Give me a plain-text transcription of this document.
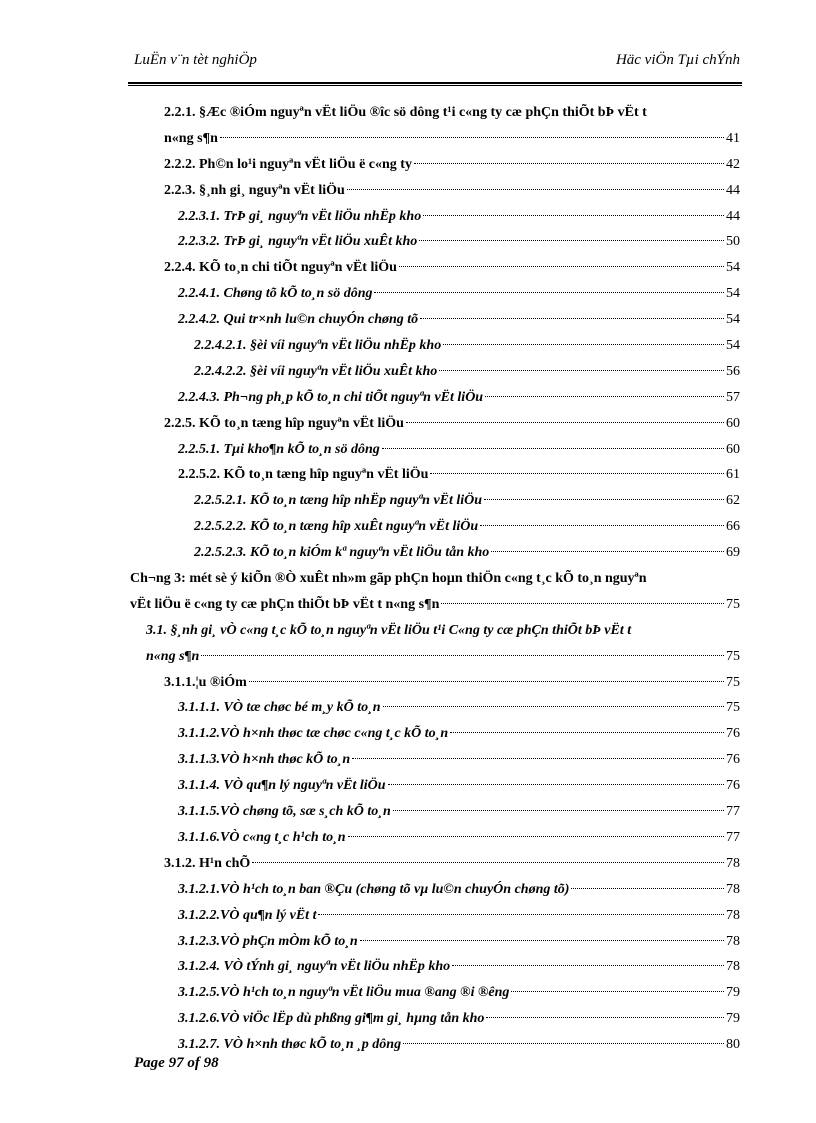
LuËn v¨n tèt nghiÖp	Häc viÖn Tµi chÝnh
2.2.1. §Æc ®iÓm nguyªn vËt liÖu ®îc sö dông t¹i c«ng ty cæ phÇn thiÕt bÞ vËt t
n«ng s¶n	41
2.2.2. Ph©n lo¹i nguyªn vËt liÖu ë c«ng ty	42
2.2.3. §¸nh gi¸ nguyªn vËt liÖu	44
2.2.3.1. TrÞ gi¸ nguyªn vËt liÖu nhËp kho	44
2.2.3.2. TrÞ gi¸ nguyªn vËt liÖu xuÊt kho	50
2.2.4. KÕ to¸n chi tiÕt nguyªn vËt liÖu	54
2.2.4.1. Chøng tõ kÕ to¸n sö dông	54
2.2.4.2. Qui tr×nh lu©n chuyÓn chøng tõ	54
2.2.4.2.1. §èi víi nguyªn vËt liÖu nhËp kho	54
2.2.4.2.2. §èi víi nguyªn vËt liÖu xuÊt kho	56
2.2.4.3. Ph¬ng ph¸p kÕ to¸n chi tiÕt nguyªn vËt liÖu	57
2.2.5. KÕ to¸n tæng hîp nguyªn vËt liÖu	60
2.2.5.1. Tµi kho¶n kÕ to¸n sö dông	60
2.2.5.2. KÕ to¸n tæng hîp nguyªn vËt liÖu	61
2.2.5.2.1. KÕ to¸n tæng hîp nhËp nguyªn vËt liÖu	62
2.2.5.2.2. KÕ to¸n tæng hîp xuÊt nguyªn vËt liÖu	66
2.2.5.2.3. KÕ to¸n kiÓm kª nguyªn vËt liÖu tån kho	69
Ch¬ng 3: mét sè ý kiÕn ®Ò xuÊt nh»m gãp phÇn hoµn thiÖn c«ng t¸c kÕ to¸n nguyªn
vËt liÖu ë c«ng ty cæ phÇn thiÕt bÞ vËt t n«ng s¶n	75
3.1. §¸nh gi¸ vÒ c«ng t¸c kÕ to¸n nguyªn vËt liÖu t¹i C«ng ty cæ phÇn thiÕt bÞ vËt t
n«ng s¶n	75
3.1.1.¦u ®iÓm	75
3.1.1.1. VÒ tæ chøc bé m¸y kÕ to¸n	75
3.1.1.2.VÒ h×nh thøc tæ chøc c«ng t¸c kÕ to¸n	76
3.1.1.3.VÒ h×nh thøc kÕ to¸n	76
3.1.1.4. VÒ qu¶n lý nguyªn vËt liÖu	76
3.1.1.5.VÒ chøng tõ, sæ s¸ch kÕ to¸n	77
3.1.1.6.VÒ c«ng t¸c h¹ch to¸n	77
3.1.2. H¹n chÕ	78
3.1.2.1.VÒ h¹ch to¸n ban ®Çu (chøng tõ vµ lu©n chuyÓn chøng tõ)	78
3.1.2.2.VÒ qu¶n lý vËt t	78
3.1.2.3.VÒ phÇn mÒm kÕ to¸n	78
3.1.2.4. VÒ tÝnh gi¸ nguyªn vËt liÖu nhËp kho	78
3.1.2.5.VÒ h¹ch to¸n nguyªn vËt liÖu mua ®ang ®i ®êng	79
3.1.2.6.VÒ viÖc lËp dù phßng gi¶m gi¸ hµng tån kho	79
3.1.2.7. VÒ h×nh thøc kÕ to¸n ¸p dông	80
Page 97 of 98
